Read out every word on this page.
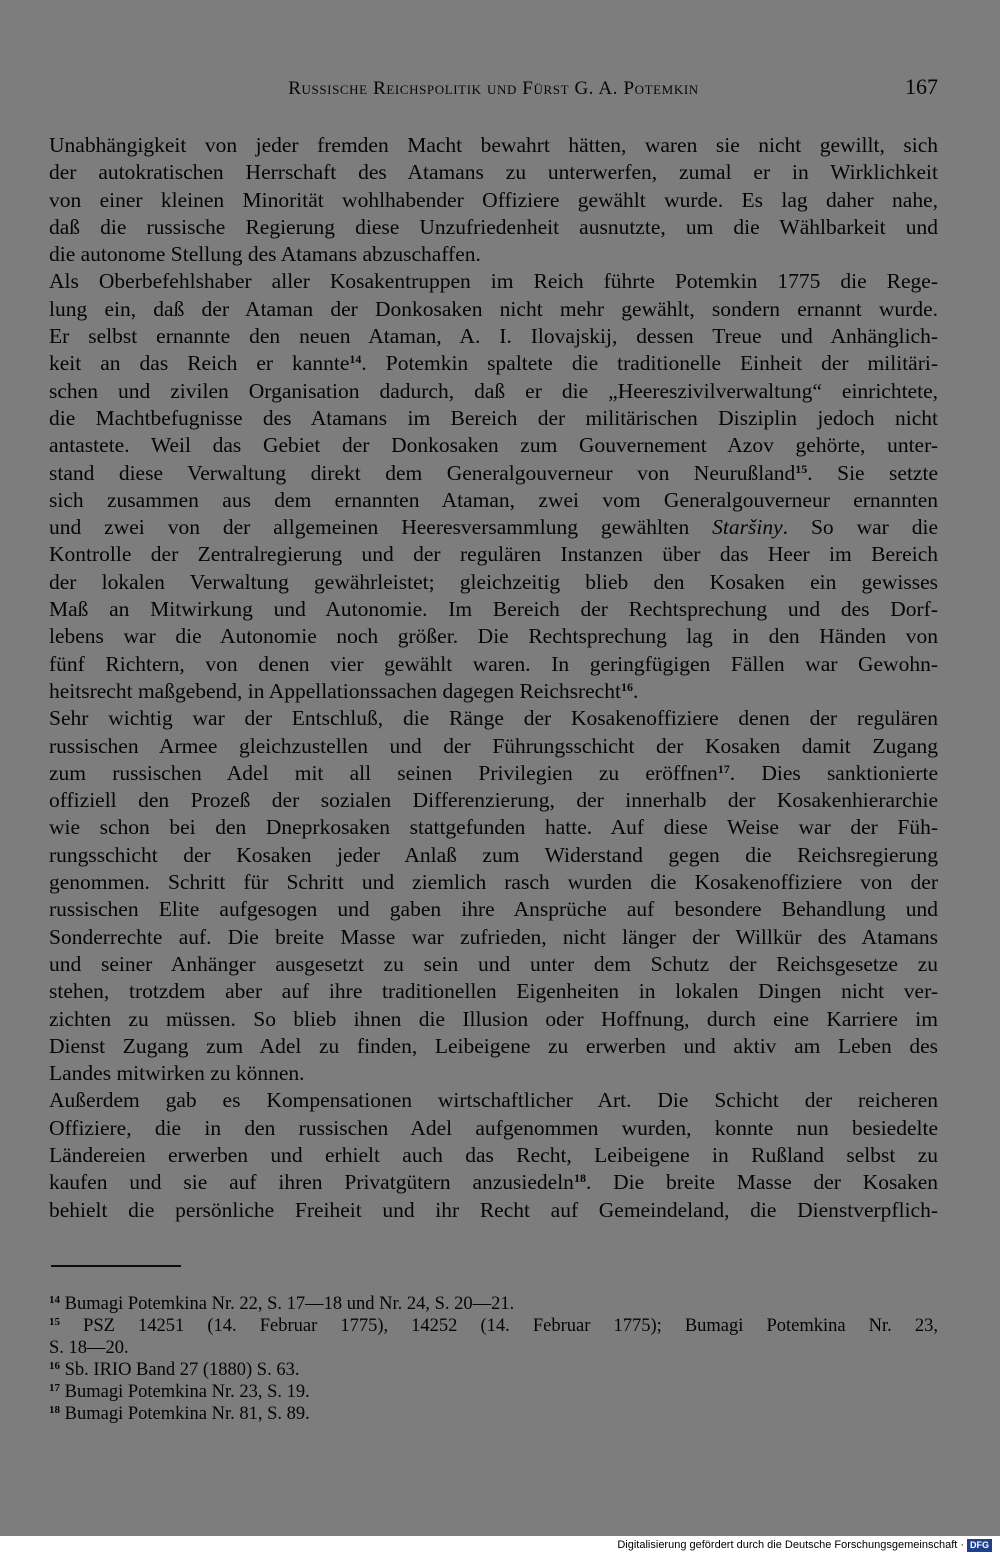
Russische Reichspolitik und Fürst G. A. Potemkin	167
Unabhängigkeit von jeder fremden Macht bewahrt hätten, waren sie nicht gewillt, sich
der autokratischen Herrschaft des Atamans zu unterwerfen, zumal er in Wirklichkeit
von einer kleinen Minorität wohlhabender Offiziere gewählt wurde. Es lag daher nahe,
daß die russische Regierung diese Unzufriedenheit ausnutzte, um die Wählbarkeit und
die autonome Stellung des Atamans abzuschaffen.
Als Oberbefehlshaber aller Kosakentruppen im Reich führte Potemkin 1775 die Rege-
lung ein, daß der Ataman der Donkosaken nicht mehr gewählt, sondern ernannt wurde.
Er selbst ernannte den neuen Ataman, A. I. Ilovajskij, dessen Treue und Anhänglich-
keit an das Reich er kannte$^{14}$. Potemkin spaltete die traditionelle Einheit der militäri-
schen und zivilen Organisation dadurch, daß er die „Heereszivilverwaltung“ einrichtete,
die Machtbefugnisse des Atamans im Bereich der militärischen Disziplin jedoch nicht
antastete. Weil das Gebiet der Donkosaken zum Gouvernement Azov gehörte, unter-
stand diese Verwaltung direkt dem Generalgouverneur von Neurußland$^{15}$. Sie setzte
sich zusammen aus dem ernannten Ataman, zwei vom Generalgouverneur ernannten
und zwei von der allgemeinen Heeresversammlung gewählten Staršiny. So war die
Kontrolle der Zentralregierung und der regulären Instanzen über das Heer im Bereich
der lokalen Verwaltung gewährleistet; gleichzeitig blieb den Kosaken ein gewisses
Maß an Mitwirkung und Autonomie. Im Bereich der Rechtsprechung und des Dorf-
lebens war die Autonomie noch größer. Die Rechtsprechung lag in den Händen von
fünf Richtern, von denen vier gewählt waren. In geringfügigen Fällen war Gewohn-
heitsrecht maßgebend, in Appellationssachen dagegen Reichsrecht$^{16}$.
Sehr wichtig war der Entschluß, die Ränge der Kosakenoffiziere denen der regulären
russischen Armee gleichzustellen und der Führungsschicht der Kosaken damit Zugang
zum russischen Adel mit all seinen Privilegien zu eröffnen$^{17}$. Dies sanktionierte
offiziell den Prozeß der sozialen Differenzierung, der innerhalb der Kosakenhierarchie
wie schon bei den Dneprkosaken stattgefunden hatte. Auf diese Weise war der Füh-
rungsschicht der Kosaken jeder Anlaß zum Widerstand gegen die Reichsregierung
genommen. Schritt für Schritt und ziemlich rasch wurden die Kosakenoffiziere von der
russischen Elite aufgesogen und gaben ihre Ansprüche auf besondere Behandlung und
Sonderrechte auf. Die breite Masse war zufrieden, nicht länger der Willkür des Atamans
und seiner Anhänger ausgesetzt zu sein und unter dem Schutz der Reichsgesetze zu
stehen, trotzdem aber auf ihre traditionellen Eigenheiten in lokalen Dingen nicht ver-
zichten zu müssen. So blieb ihnen die Illusion oder Hoffnung, durch eine Karriere im
Dienst Zugang zum Adel zu finden, Leibeigene zu erwerben und aktiv am Leben des
Landes mitwirken zu können.
Außerdem gab es Kompensationen wirtschaftlicher Art. Die Schicht der reicheren
Offiziere, die in den russischen Adel aufgenommen wurden, konnte nun besiedelte
Ländereien erwerben und erhielt auch das Recht, Leibeigene in Rußland selbst zu
kaufen und sie auf ihren Privatgütern anzusiedeln$^{18}$. Die breite Masse der Kosaken
behielt die persönliche Freiheit und ihr Recht auf Gemeindeland, die Dienstverpflich-
$^{14}$ Bumagi Potemkina Nr. 22, S. 17—18 und Nr. 24, S. 20—21.
$^{15}$ PSZ 14251 (14. Februar 1775), 14252 (14. Februar 1775); Bumagi Potemkina Nr. 23,
S. 18—20.
$^{16}$ Sb. IRIO Band 27 (1880) S. 63.
$^{17}$ Bumagi Potemkina Nr. 23, S. 19.
$^{18}$ Bumagi Potemkina Nr. 81, S. 89.
Digitalisierung gefördert durch die Deutsche Forschungsgemeinschaft · DFG
